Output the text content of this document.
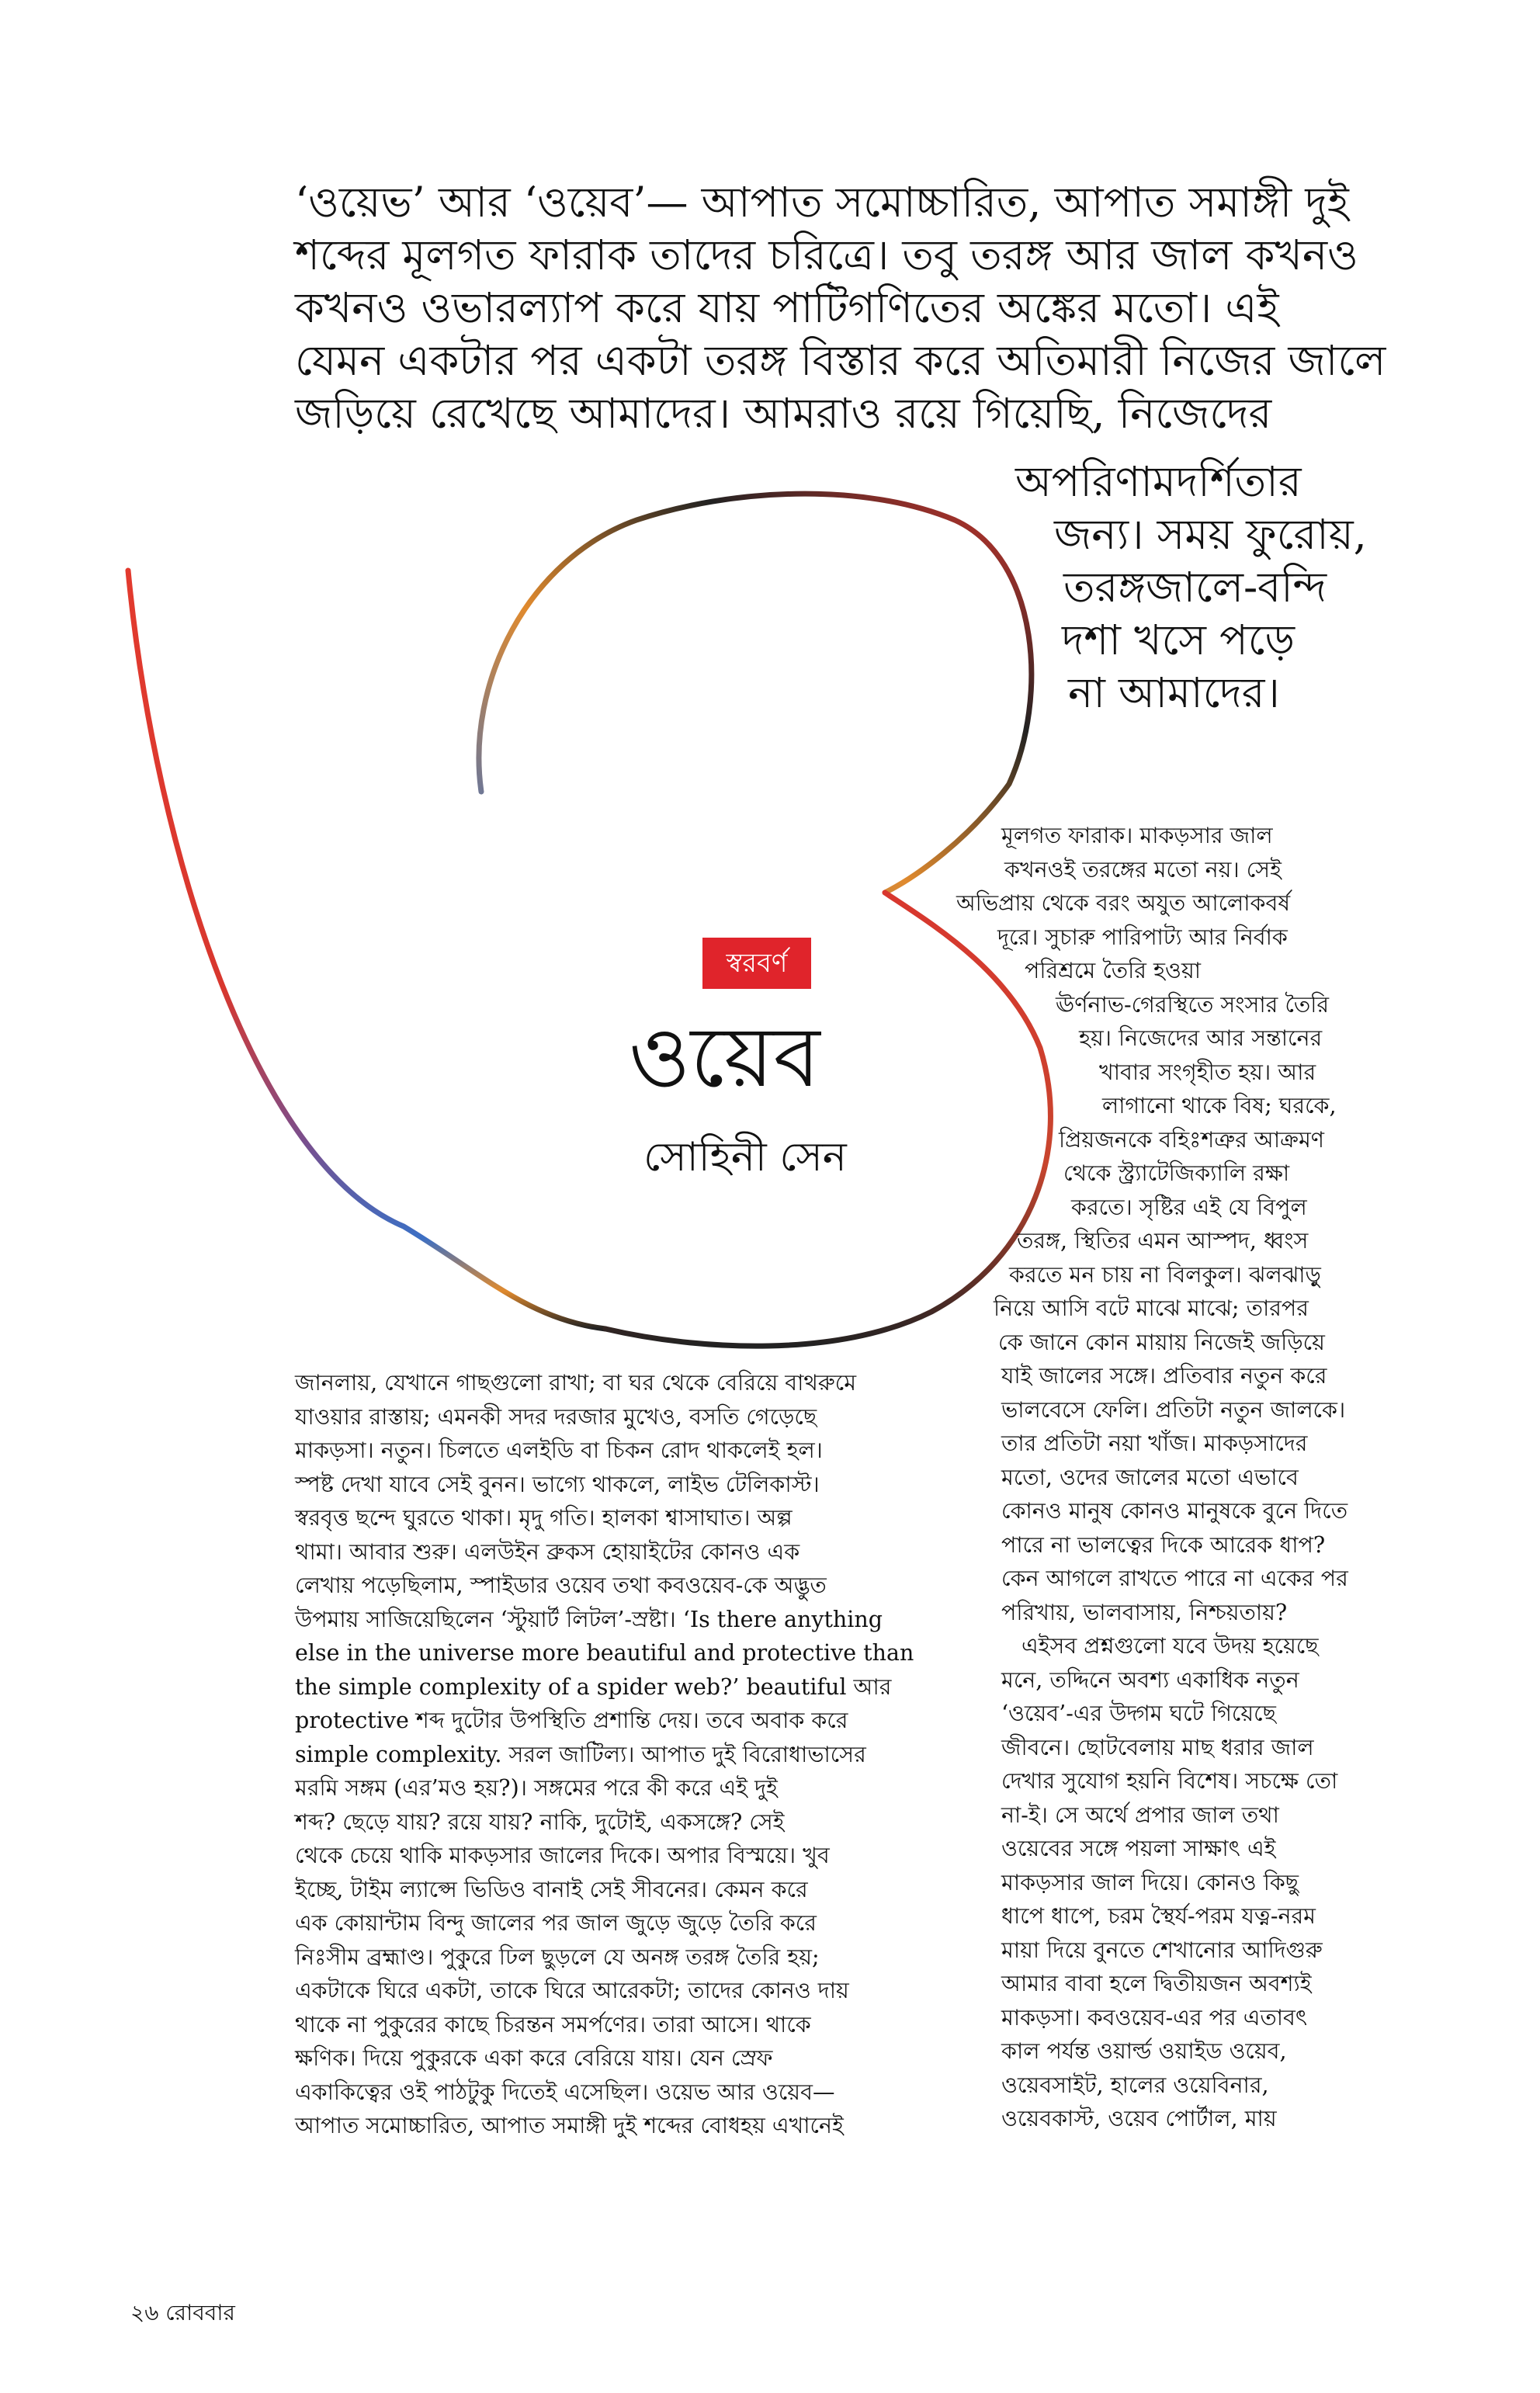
‘ওয়েভ’ আর ‘ওয়েব’— আপাত সমোচ্চারিত, আপাত সমাঙ্গী দুই
শব্দের মূলগত ফারাক তাদের চরিত্রে। তবু তরঙ্গ আর জাল কখনও
কখনও ওভারল্যাপ করে যায় পাটিগণিতের অঙ্কের মতো। এই
যেমন একটার পর একটা তরঙ্গ বিস্তার করে অতিমারী নিজের জালে
জড়িয়ে রেখেছে আমাদের। আমরাও রয়ে গিয়েছি, নিজেদের
অপরিণামদর্শিতার
জন্য। সময় ফুরোয়,
তরঙ্গজালে-বন্দি
দশা খসে পড়ে
না আমাদের।
স্বরবর্ণ
ওয়েব
সোহিনী সেন
জানলায়, যেখানে গাছগুলো রাখা; বা ঘর থেকে বেরিয়ে বাথরুমে
যাওয়ার রাস্তায়; এমনকী সদর দরজার মুখেও, বসতি গেড়েছে
মাকড়সা। নতুন। চিলতে এলইডি বা চিকন রোদ থাকলেই হল।
স্পষ্ট দেখা যাবে সেই বুনন। ভাগ্যে থাকলে, লাইভ টেলিকাস্ট।
স্বরবৃত্ত ছন্দে ঘুরতে থাকা। মৃদু গতি। হালকা শ্বাসাঘাত। অল্প
থামা। আবার শুরু। এলউইন ব্রুকস হোয়াইটের কোনও এক
লেখায় পড়েছিলাম, স্পাইডার ওয়েব তথা কবওয়েব-কে অদ্ভুত
উপমায় সাজিয়েছিলেন ‘স্টুয়ার্ট লিটল’-স্রষ্টা। ‘Is there anything
else in the universe more beautiful and protective than
the simple complexity of a spider web?’ beautiful আর
protective শব্দ দুটোর উপস্থিতি প্রশান্তি দেয়। তবে অবাক করে
simple complexity. সরল জাটিল্য। আপাত দুই বিরোধাভাসের
মরমি সঙ্গম (এর’মও হয়?)। সঙ্গমের পরে কী করে এই দুই
শব্দ? ছেড়ে যায়? রয়ে যায়? নাকি, দুটোই, একসঙ্গে? সেই
থেকে চেয়ে থাকি মাকড়সার জালের দিকে। অপার বিস্ময়ে। খুব
ইচ্ছে, টাইম ল্যাপ্সে ভিডিও বানাই সেই সীবনের। কেমন করে
এক কোয়ান্টাম বিন্দু জালের পর জাল জুড়ে জুড়ে তৈরি করে
নিঃসীম ব্রহ্মাণ্ড। পুকুরে ঢিল ছুড়লে যে অনঙ্গ তরঙ্গ তৈরি হয়;
একটাকে ঘিরে একটা, তাকে ঘিরে আরেকটা; তাদের কোনও দায়
থাকে না পুকুরের কাছে চিরন্তন সমর্পণের। তারা আসে। থাকে
ক্ষণিক। দিয়ে পুকুরকে একা করে বেরিয়ে যায়। যেন স্রেফ
একাকিত্বের ওই পাঠটুকু দিতেই এসেছিল। ওয়েভ আর ওয়েব—
আপাত সমোচ্চারিত, আপাত সমাঙ্গী দুই শব্দের বোধহয় এখানেই
মূলগত ফারাক। মাকড়সার জাল
কখনওই তরঙ্গের মতো নয়। সেই
অভিপ্রায় থেকে বরং অযুত আলোকবর্ষ
দূরে। সুচারু পারিপাট্য আর নির্বাক
পরিশ্রমে তৈরি হওয়া
ঊর্ণনাভ-গেরস্থিতে সংসার তৈরি
হয়। নিজেদের আর সন্তানের
খাবার সংগৃহীত হয়। আর
লাগানো থাকে বিষ; ঘরকে,
প্রিয়জনকে বহিঃশত্রুর আক্রমণ
থেকে স্ট্র্যাটেজিক্যালি রক্ষা
করতে। সৃষ্টির এই যে বিপুল
তরঙ্গ, স্থিতির এমন আস্পদ, ধ্বংস
করতে মন চায় না বিলকুল। ঝলঝাড়ু
নিয়ে আসি বটে মাঝে মাঝে; তারপর
কে জানে কোন মায়ায় নিজেই জড়িয়ে
যাই জালের সঙ্গে। প্রতিবার নতুন করে
ভালবেসে ফেলি। প্রতিটা নতুন জালকে।
তার প্রতিটা নয়া খাঁজ। মাকড়সাদের
মতো, ওদের জালের মতো এভাবে
কোনও মানুষ কোনও মানুষকে বুনে দিতে
পারে না ভালত্বের দিকে আরেক ধাপ?
কেন আগলে রাখতে পারে না একের পর
পরিখায়, ভালবাসায়, নিশ্চয়তায়?
এইসব প্রশ্নগুলো যবে উদয় হয়েছে
মনে, তদ্দিনে অবশ্য একাধিক নতুন
‘ওয়েব’-এর উদ্গম ঘটে গিয়েছে
জীবনে। ছোটবেলায় মাছ ধরার জাল
দেখার সুযোগ হয়নি বিশেষ। সচক্ষে তো
না-ই। সে অর্থে প্রপার জাল তথা
ওয়েবের সঙ্গে পয়লা সাক্ষাৎ এই
মাকড়সার জাল দিয়ে। কোনও কিছু
ধাপে ধাপে, চরম স্থৈর্য-পরম যত্ন-নরম
মায়া দিয়ে বুনতে শেখানোর আদিগুরু
আমার বাবা হলে দ্বিতীয়জন অবশ্যই
মাকড়সা। কবওয়েব-এর পর এতাবৎ
কাল পর্যন্ত ওয়ার্ল্ড ওয়াইড ওয়েব,
ওয়েবসাইট, হালের ওয়েবিনার,
ওয়েবকাস্ট, ওয়েব পোর্টাল, মায়
২৬ রোববার
